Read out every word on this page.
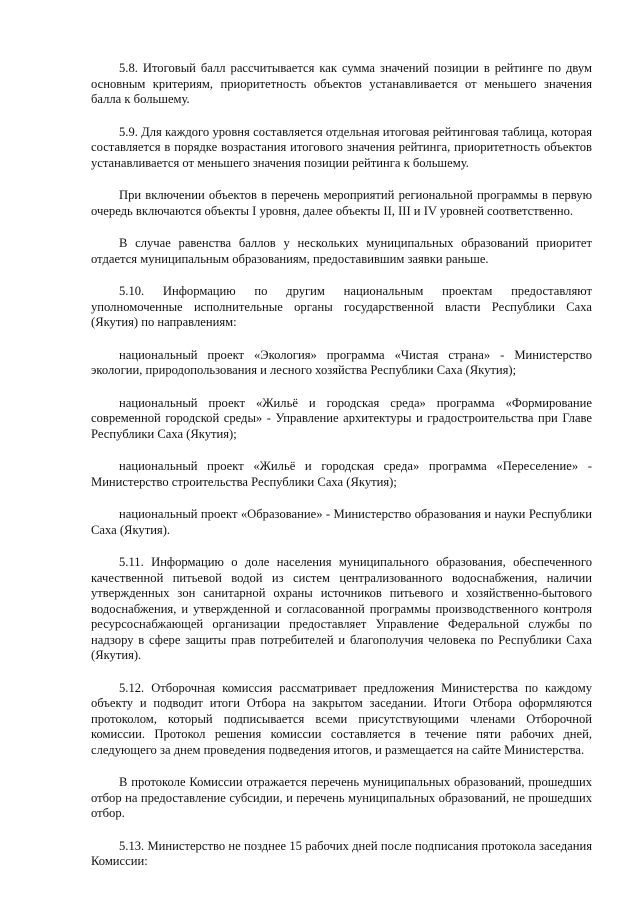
5.8. Итоговый балл рассчитывается как сумма значений позиции в рейтинге по двум основным критериям, приоритетность объектов устанавливается от меньшего значения балла к большему.

5.9. Для каждого уровня составляется отдельная итоговая рейтинговая таблица, которая составляется в порядке возрастания итогового значения рейтинга, приоритетность объектов устанавливается от меньшего значения позиции рейтинга к большему.

При включении объектов в перечень мероприятий региональной программы в первую очередь включаются объекты I уровня, далее объекты II, III и IV уровней соответственно.

В случае равенства баллов у нескольких муниципальных образований приоритет отдается муниципальным образованиям, предоставившим заявки раньше.

5.10. Информацию по другим национальным проектам предоставляют уполномоченные исполнительные органы государственной власти Республики Саха (Якутия) по направлениям:

национальный проект «Экология» программа «Чистая страна» - Министерство экологии, природопользования и лесного хозяйства Республики Саха (Якутия);

национальный проект «Жильё и городская среда» программа «Формирование современной городской среды» - Управление архитектуры и градостроительства при Главе Республики Саха (Якутия);

национальный проект «Жильё и городская среда» программа «Переселение» - Министерство строительства Республики Саха (Якутия);

национальный проект «Образование» - Министерство образования и науки Республики Саха (Якутия).

5.11. Информацию о доле населения муниципального образования, обеспеченного качественной питьевой водой из систем централизованного водоснабжения, наличии утвержденных зон санитарной охраны источников питьевого и хозяйственно-бытового водоснабжения, и утвержденной и согласованной программы производственного контроля ресурсоснабжающей организации предоставляет Управление Федеральной службы по надзору в сфере защиты прав потребителей и благополучия человека по Республики Саха (Якутия).

5.12. Отборочная комиссия рассматривает предложения Министерства по каждому объекту и подводит итоги Отбора на закрытом заседании. Итоги Отбора оформляются протоколом, который подписывается всеми присутствующими членами Отборочной комиссии. Протокол решения комиссии составляется в течение пяти рабочих дней, следующего за днем проведения подведения итогов, и размещается на сайте Министерства.

В протоколе Комиссии отражается перечень муниципальных образований, прошедших отбор на предоставление субсидии, и перечень муниципальных образований, не прошедших отбор.

5.13. Министерство не позднее 15 рабочих дней после подписания протокола заседания Комиссии:
